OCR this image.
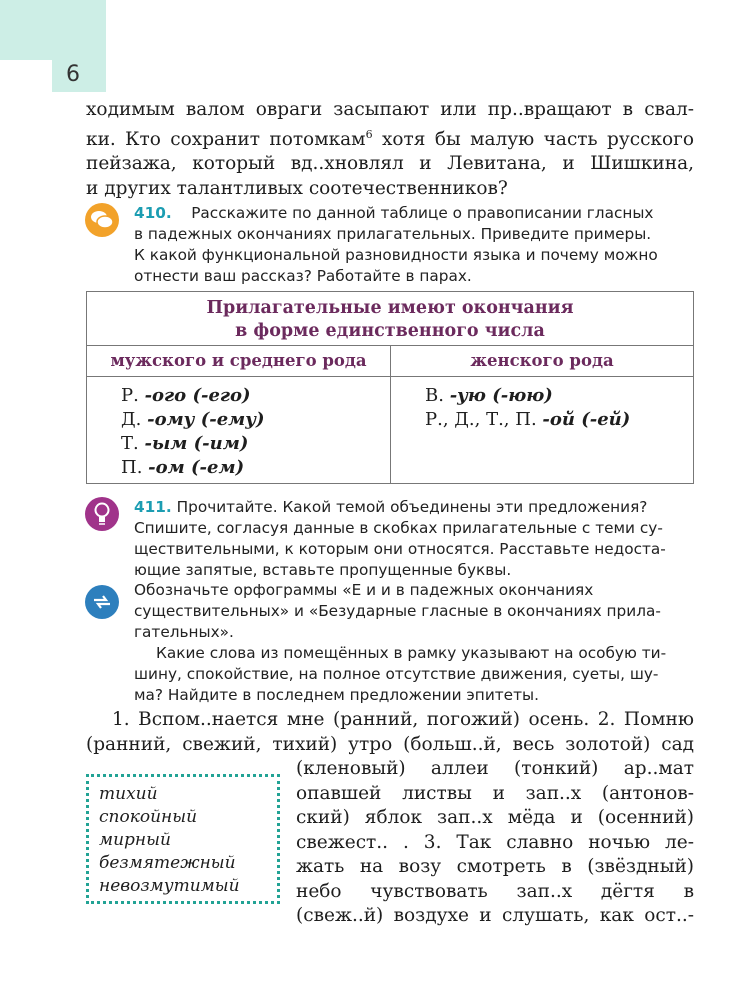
6
ходимым валом овраги засыпают или пр..вращают в свал-
ки. Кто сохранит потомкам$^6$ хотя бы малую часть русского
пейзажа, который вд..хновлял и Левитана, и Шишкина,
и других талантливых соотечественников?
410. Расскажите по данной таблице о правописании гласных
в падежных окончаниях прилагательных. Приведите примеры.
К какой функциональной разновидности языка и почему можно
отнести ваш рассказ? Работайте в парах.
Прилагательные имеют окончания
в форме единственного числа
мужского и среднего рода	женского рода
Р. -ого (-его)
Д. -ому (-ему)
Т. -ым (-им)
П. -ом (-ем)
В. -ую (-юю)
Р., Д., Т., П. -ой (-ей)
411. Прочитайте. Какой темой объединены эти предложения?
Спишите, согласуя данные в скобках прилагательные с теми су-
ществительными, к которым они относятся. Расставьте недоста-
ющие запятые, вставьте пропущенные буквы.
Обозначьте орфограммы «Е и и в падежных окончаниях
существительных» и «Безударные гласные в окончаниях прила-
гательных».
Какие слова из помещённых в рамку указывают на особую ти-
шину, спокойствие, на полное отсутствие движения, суеты, шу-
ма? Найдите в последнем предложении эпитеты.
1. Вспом..нается мне (ранний, погожий) осень. 2. Помню
(ранний, свежий, тихий) утро (больш..й, весь золотой) сад
(кленовый) аллеи (тонкий) ар..мат
опавшей листвы и зап..х (антонов-
ский) яблок зап..х мёда и (осенний)
свежест.. . 3. Так славно ночью ле-
жать на возу смотреть в (звёздный)
небо чувствовать зап..х дёгтя в
(свеж..й) воздухе и слушать, как ост..-
тихий
спокойный
мирный
безмятежный
невозмутимый
